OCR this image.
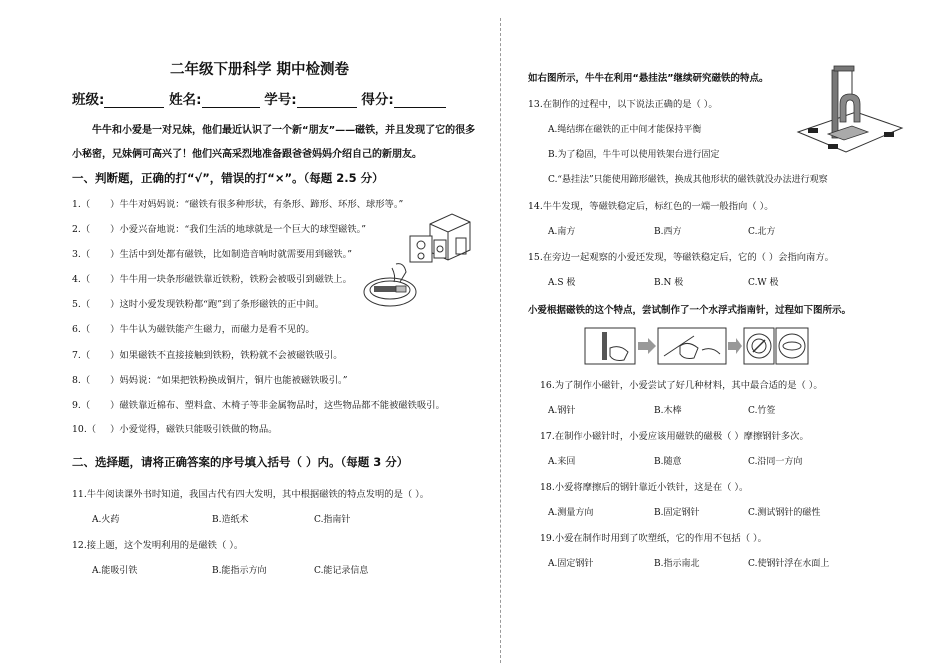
二年级下册科学 期中检测卷
班级:	姓名:	学号:	得分:
牛牛和小爱是一对兄妹，他们最近认识了一个新“朋友”——磁铁，并且发现了它的很多
小秘密，兄妹俩可高兴了！他们兴高采烈地准备跟爸爸妈妈介绍自己的新朋友。
一、判断题，正确的打“√”，错误的打“×”。（每题 2.5 分）
1.（ ）牛牛对妈妈说：“磁铁有很多种形状，有条形、蹄形、环形、球形等。”
2.（ ）小爱兴奋地说：“我们生活的地球就是一个巨大的球型磁铁。”
3.（ ）生活中到处都有磁铁，比如制造音响时就需要用到磁铁。”
4.（ ）牛牛用一块条形磁铁靠近铁粉，铁粉会被吸引到磁铁上。
5.（ ）这时小爱发现铁粉都“跑”到了条形磁铁的正中间。
6.（ ）牛牛认为磁铁能产生磁力，而磁力是看不见的。
7.（ ）如果磁铁不直接接触到铁粉，铁粉就不会被磁铁吸引。
8.（ ）妈妈说：“如果把铁粉换成铜片，铜片也能被磁铁吸引。”
9.（ ）磁铁靠近棉布、塑料盒、木椅子等非金属物品时，这些物品都不能被磁铁吸引。
10.（ ）小爱觉得，磁铁只能吸引铁做的物品。
二、选择题，请将正确答案的序号填入括号（ ）内。（每题 3 分）
11.牛牛阅读课外书时知道，我国古代有四大发明，其中根据磁铁的特点发明的是（ ）。
A.火药	B.造纸术	C.指南针
12.接上题，这个发明利用的是磁铁（ ）。
A.能吸引铁	B.能指示方向	C.能记录信息
如右图所示，牛牛在利用“悬挂法”继续研究磁铁的特点。
13.在制作的过程中，以下说法正确的是（ ）。
A.绳结绑在磁铁的正中间才能保持平衡
B.为了稳固，牛牛可以使用铁架台进行固定
C.“悬挂法”只能使用蹄形磁铁，换成其他形状的磁铁就没办法进行观察
14.牛牛发现，等磁铁稳定后，标红色的一端一般指向（ ）。
A.南方	B.西方	C.北方
15.在旁边一起观察的小爱还发现，等磁铁稳定后，它的（ ）会指向南方。
A.S 极	B.N 极	C.W 极
小爱根据磁铁的这个特点，尝试制作了一个水浮式指南针，过程如下图所示。
16.为了制作小磁针，小爱尝试了好几种材料，其中最合适的是（ ）。
A.钢针	B.木棒	C.竹签
17.在制作小磁针时，小爱应该用磁铁的磁极（ ）摩擦钢针多次。
A.来回	B.随意	C.沿同一方向
18.小爱将摩擦后的钢针靠近小铁针，这是在（ ）。
A.测量方向	B.固定钢针	C.测试钢针的磁性
19.小爱在制作时用到了吹塑纸，它的作用不包括（ ）。
A.固定钢针	B.指示南北	C.使钢针浮在水面上
